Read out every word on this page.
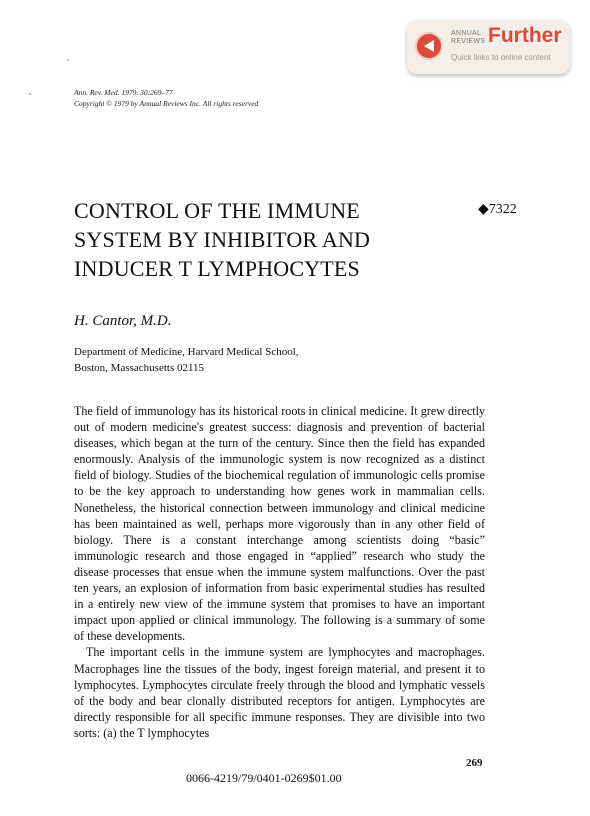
ANNUAL
REVIEWS Further
Quick links to online content
Ann. Rev. Med. 1979. 30:269–77
Copyright © 1979 by Annual Reviews Inc. All rights reserved
CONTROL OF THE IMMUNE
SYSTEM BY INHIBITOR AND
INDUCER T LYMPHOCYTES
◆7322
H. Cantor, M.D.
Department of Medicine, Harvard Medical School,
Boston, Massachusetts 02115

The field of immunology has its historical roots in clinical medicine. It grew directly out of modern medicine's greatest success: diagnosis and prevention of bacterial diseases, which began at the turn of the century. Since then the field has expanded enormously. Analysis of the immunologic system is now recognized as a distinct field of biology. Studies of the biochemical regulation of immunologic cells promise to be the key approach to understanding how genes work in mammalian cells. Nonetheless, the historical connection between immunology and clinical medicine has been maintained as well, perhaps more vigorously than in any other field of biology. There is a constant interchange among scientists doing “basic” immunologic research and those engaged in “applied” research who study the disease processes that ensue when the immune system malfunctions. Over the past ten years, an explosion of information from basic experimental studies has resulted in a entirely new view of the immune system that promises to have an important impact upon applied or clinical immunology. The following is a summary of some of these developments.

The important cells in the immune system are lymphocytes and macrophages. Macrophages line the tissues of the body, ingest foreign material, and present it to lymphocytes. Lymphocytes circulate freely through the blood and lymphatic vessels of the body and bear clonally distributed receptors for antigen. Lymphocytes are directly responsible for all specific immune responses. They are divisible into two sorts: (a) the T lymphocytes

269
0066-4219/79/0401-0269$01.00
